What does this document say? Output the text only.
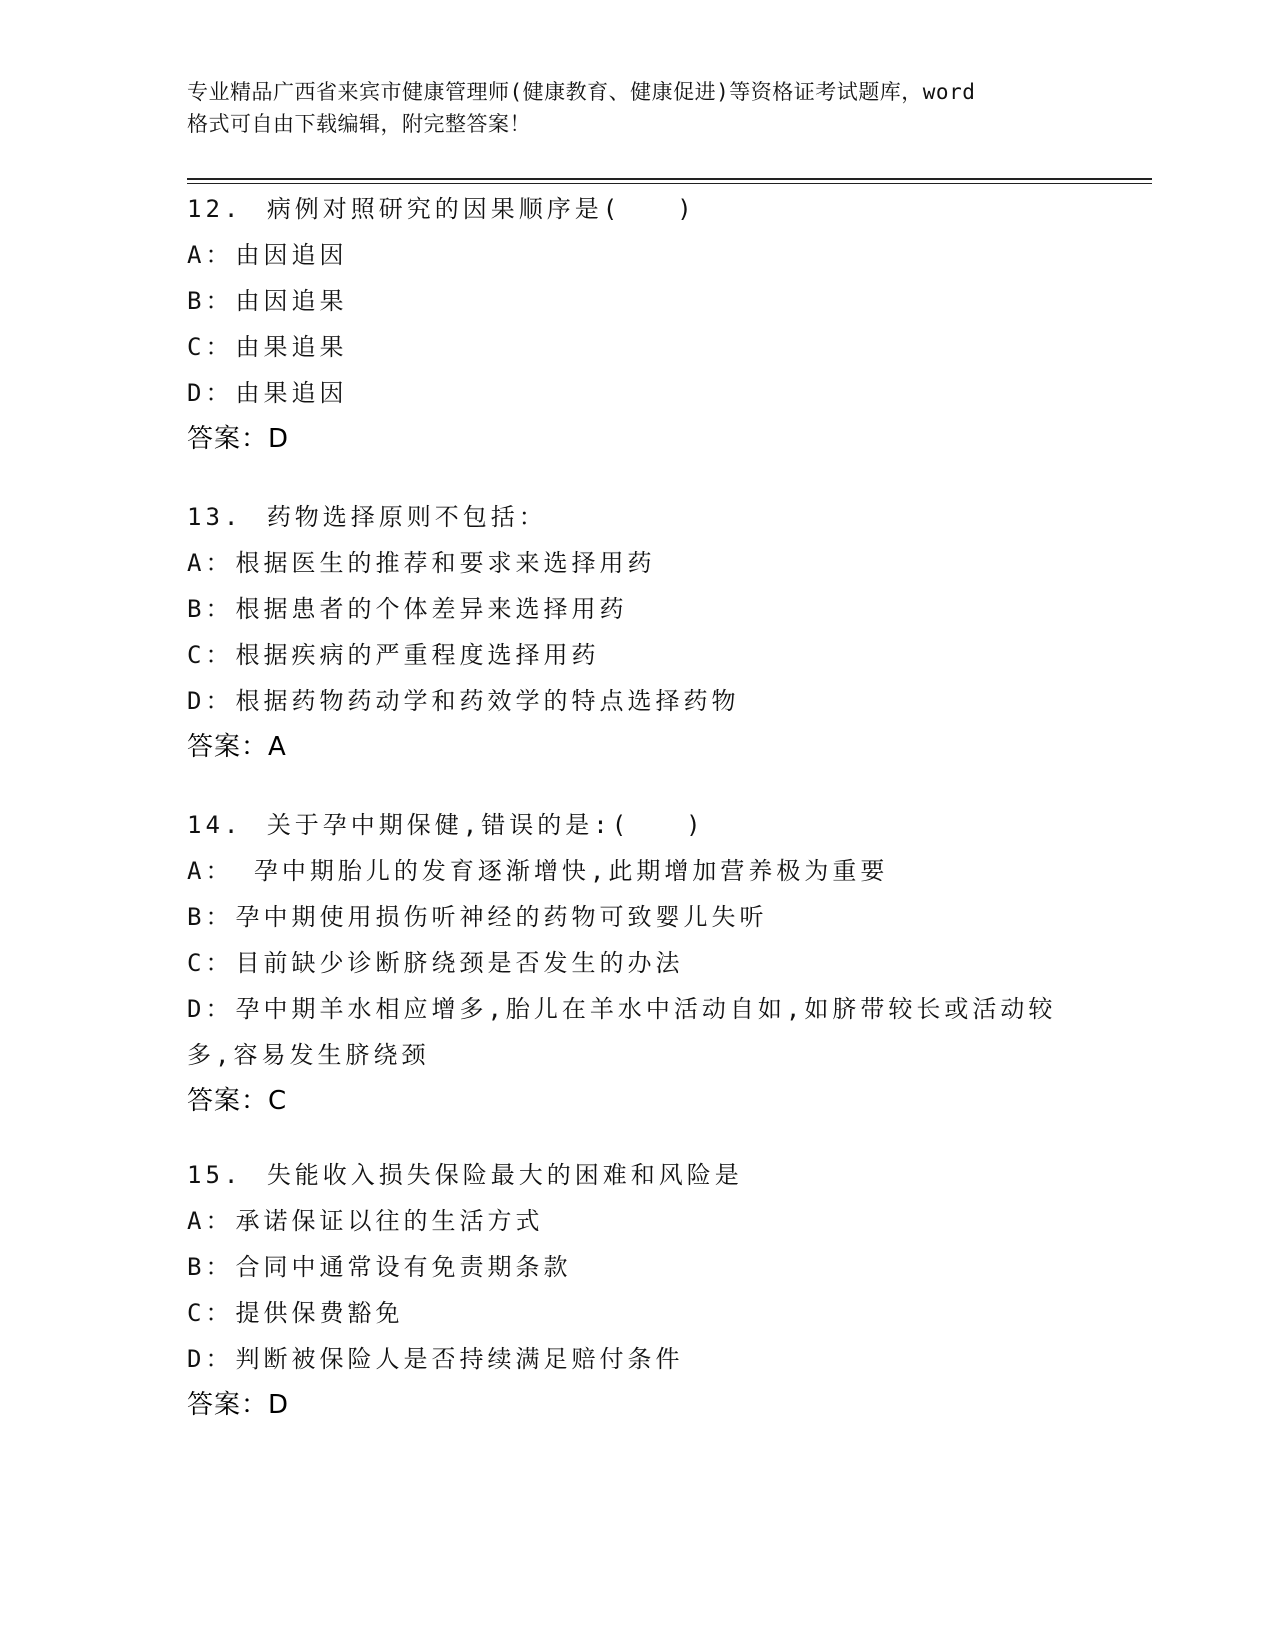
专业精品广西省来宾市健康管理师(健康教育、健康促进)等资格证考试题库，word
格式可自由下载编辑，附完整答案！
12. 病例对照研究的因果顺序是(　　)
A：由因追因
B：由因追果
C：由果追果
D：由果追因
答案：D
13. 药物选择原则不包括：
A：根据医生的推荐和要求来选择用药
B：根据患者的个体差异来选择用药
C：根据疾病的严重程度选择用药
D：根据药物药动学和药效学的特点选择药物
答案：A
14. 关于孕中期保健,错误的是:(　　)
A： 孕中期胎儿的发育逐渐增快,此期增加营养极为重要
B：孕中期使用损伤听神经的药物可致婴儿失听
C：目前缺少诊断脐绕颈是否发生的办法
D：孕中期羊水相应增多,胎儿在羊水中活动自如,如脐带较长或活动较
多,容易发生脐绕颈
答案：C
15. 失能收入损失保险最大的困难和风险是
A：承诺保证以往的生活方式
B：合同中通常设有免责期条款
C：提供保费豁免
D：判断被保险人是否持续满足赔付条件
答案：D
